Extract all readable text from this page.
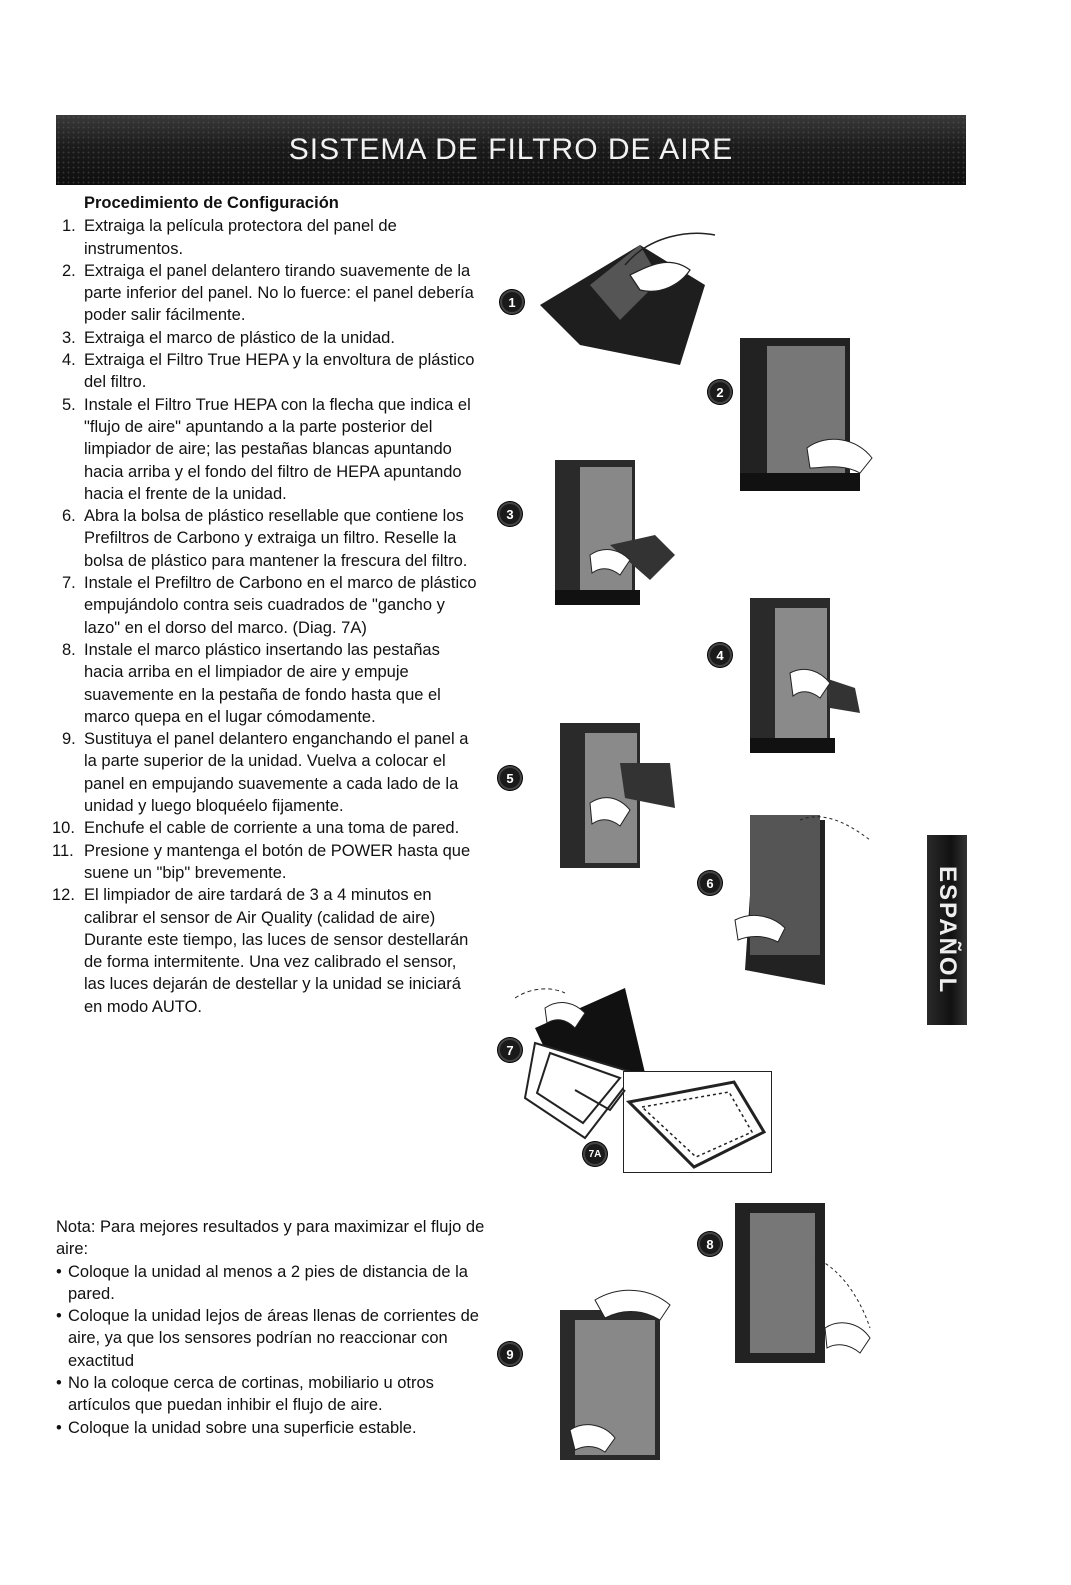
SISTEMA DE FILTRO DE AIRE
Procedimiento de Configuración
1. Extraiga la película protectora del panel de instrumentos.
2. Extraiga el panel delantero tirando suavemente de la parte inferior del panel. No lo fuerce: el panel debería poder salir fácilmente.
3. Extraiga el marco de plástico de la unidad.
4. Extraiga el Filtro True HEPA y la envoltura de plástico del filtro.
5. Instale el Filtro True HEPA con la flecha que indica el "flujo de aire" apuntando a la parte posterior del limpiador de aire; las pestañas blancas apuntando hacia arriba y el fondo del filtro de HEPA apuntando hacia el frente de la unidad.
6. Abra la bolsa de plástico resellable que contiene los Prefiltros de Carbono y extraiga un filtro. Reselle la bolsa de plástico para mantener la frescura del filtro.
7. Instale el Prefiltro de Carbono en el marco de plástico empujándolo contra seis cuadrados de "gancho y lazo" en el dorso del marco. (Diag. 7A)
8. Instale el marco plástico insertando las pestañas hacia arriba en el limpiador de aire y empuje suavemente en la pestaña de fondo hasta que el marco quepa en el lugar cómodamente.
9. Sustituya el panel delantero enganchando el panel a la parte superior de la unidad. Vuelva a colocar el panel en empujando suavemente a cada lado de la unidad y luego bloquéelo fijamente.
10. Enchufe el cable de corriente a una toma de pared.
11. Presione y mantenga el botón de POWER hasta que suene un "bip" brevemente.
12. El limpiador de aire tardará de 3 a 4 minutos en calibrar el sensor de Air Quality (calidad de aire) Durante este tiempo, las luces de sensor destellarán de forma intermitente. Una vez calibrado el sensor, las luces dejarán de destellar y la unidad se iniciará en modo AUTO.
Nota: Para mejores resultados y para maximizar el flujo de aire:
• Coloque la unidad al menos a 2 pies de distancia de la pared.
• Coloque la unidad lejos de áreas llenas de corrientes de aire, ya que los sensores podrían no reaccionar con exactitud
• No la coloque cerca de cortinas, mobiliario u otros artículos que puedan inhibir el flujo de aire.
• Coloque la unidad sobre una superficie estable.
1
2
3
4
5
6
7
7A
8
9
ESPAÑOL
